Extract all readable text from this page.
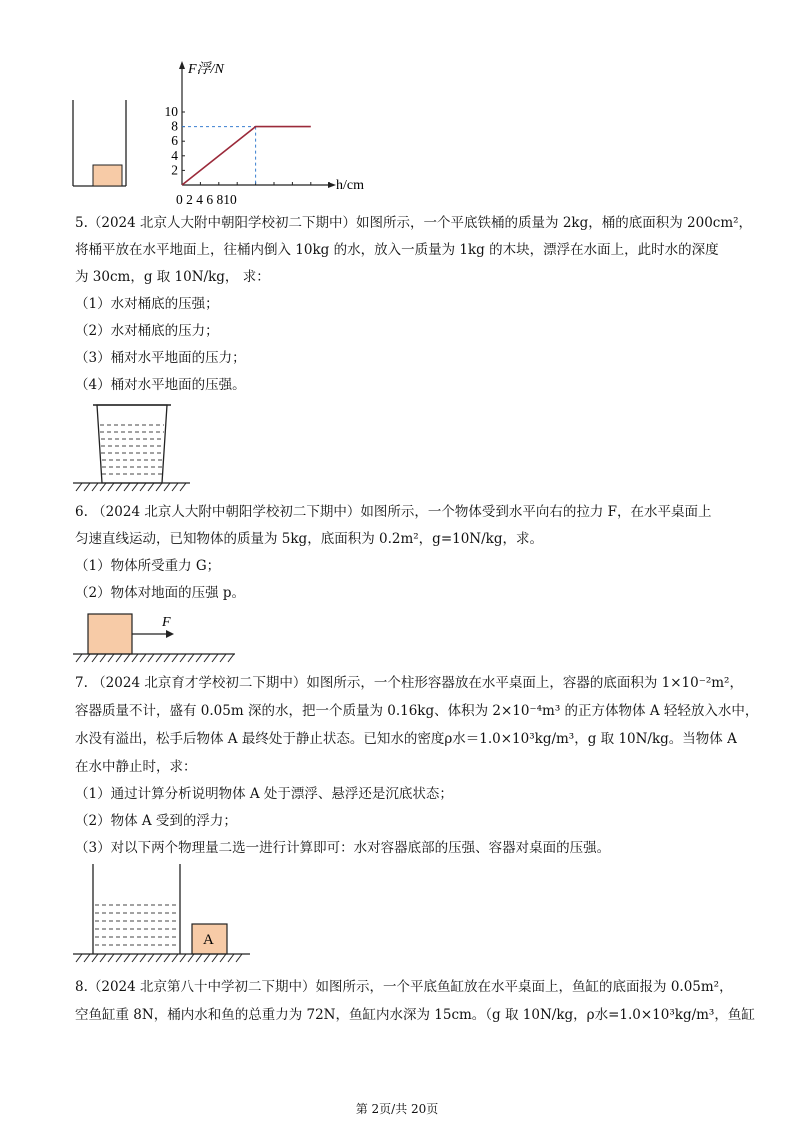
F浮/N
h/cm
0 2 4 6 810
10
8
6
4
2
5.（2024 北京人大附中朝阳学校初二下期中）如图所示，一个平底铁桶的质量为 2kg，桶的底面积为 200cm²，
将桶平放在水平地面上，往桶内倒入 10kg 的水，放入一质量为 1kg 的木块，漂浮在水面上，此时水的深度
为 30cm，g 取 10N/kg， 求：
（1）水对桶底的压强；
（2）水对桶底的压力；
（3）桶对水平地面的压力；
（4）桶对水平地面的压强。
6. （2024 北京人大附中朝阳学校初二下期中）如图所示，一个物体受到水平向右的拉力 F，在水平桌面上
匀速直线运动，已知物体的质量为 5kg，底面积为 0.2m²，g=10N/kg，求。
（1）物体所受重力 G；
（2）物体对地面的压强 p。
F
7. （2024 北京育才学校初二下期中）如图所示，一个柱形容器放在水平桌面上，容器的底面积为 1×10⁻²m²，
容器质量不计，盛有 0.05m 深的水，把一个质量为 0.16kg、体积为 2×10⁻⁴m³ 的正方体物体 A 轻轻放入水中，
水没有溢出，松手后物体 A 最终处于静止状态。已知水的密度ρ水＝1.0×10³kg/m³，g 取 10N/kg。当物体 A
在水中静止时，求：
（1）通过计算分析说明物体 A 处于漂浮、悬浮还是沉底状态；
（2）物体 A 受到的浮力；
（3）对以下两个物理量二选一进行计算即可：水对容器底部的压强、容器对桌面的压强。
A
8.（2024 北京第八十中学初二下期中）如图所示，一个平底鱼缸放在水平桌面上，鱼缸的底面报为 0.05m²，
空鱼缸重 8N，桶内水和鱼的总重力为 72N，鱼缸内水深为 15cm。（g 取 10N/kg，ρ水=1.0×10³kg/m³，鱼缸
第 2页/共 20页
